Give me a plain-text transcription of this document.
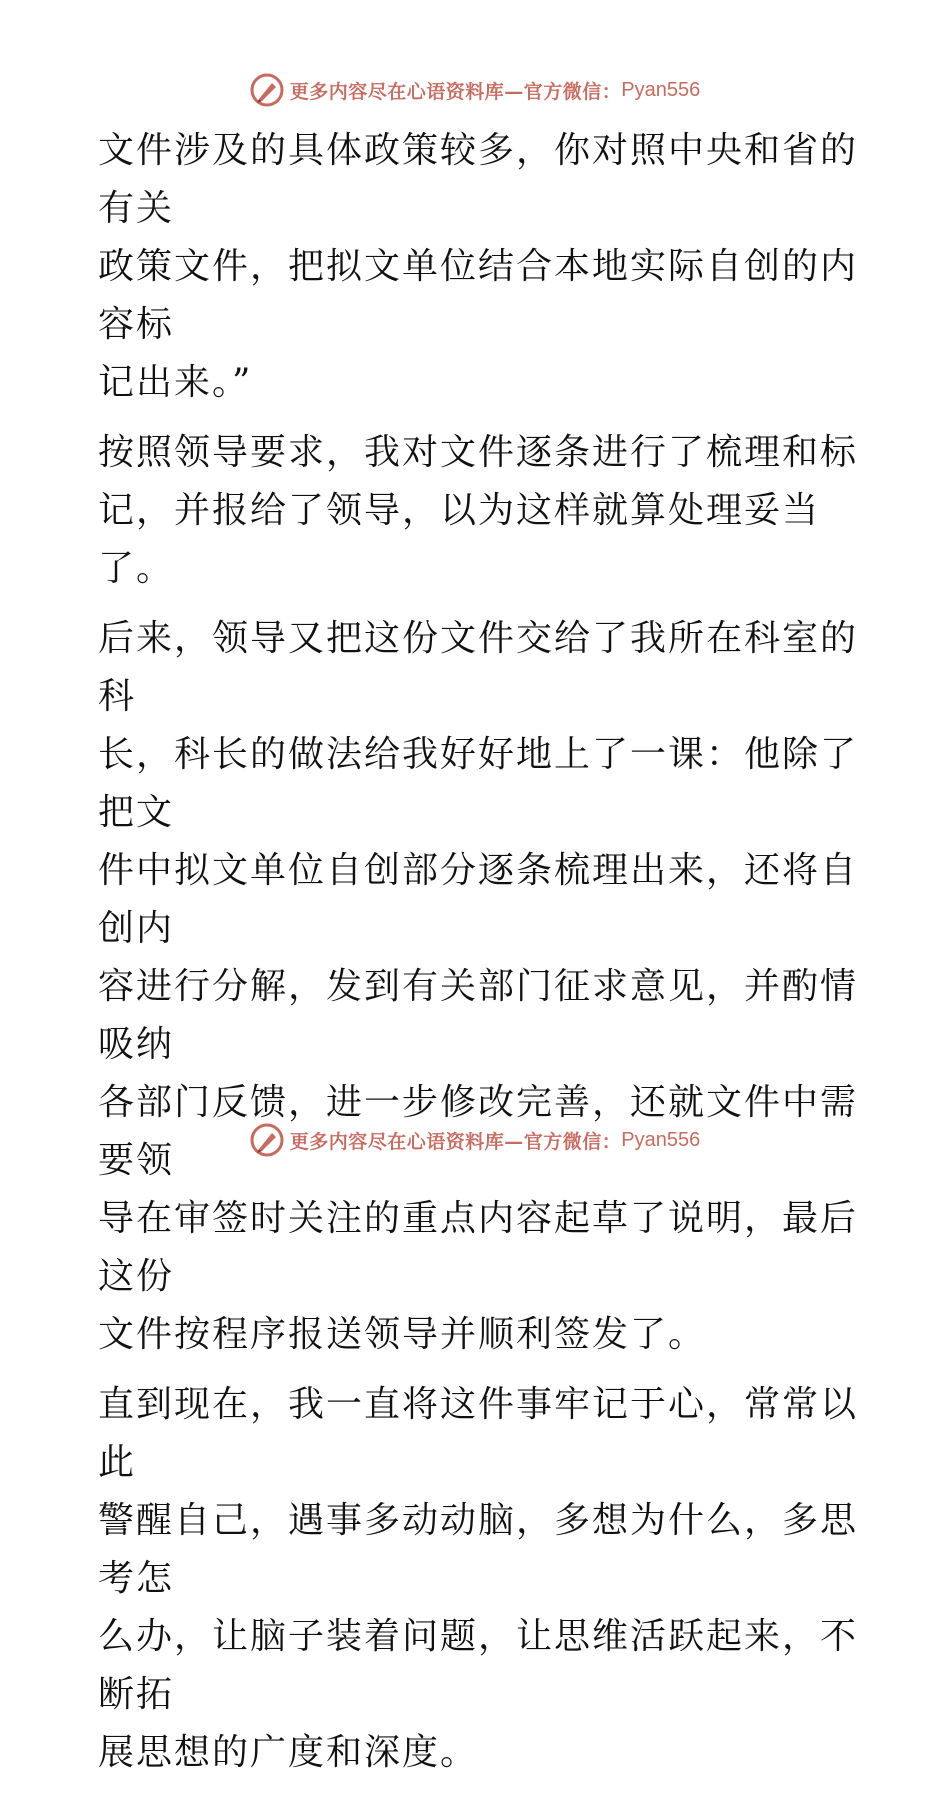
更多内容尽在心语资料库—官方微信： Pyan556

文件涉及的具体政策较多，你对照中央和省的有关
政策文件，把拟文单位结合本地实际自创的内容标
记出来。”

按照领导要求，我对文件逐条进行了梳理和标
记，并报给了领导，以为这样就算处理妥当了。

后来，领导又把这份文件交给了我所在科室的科
长，科长的做法给我好好地上了一课：他除了把文
件中拟文单位自创部分逐条梳理出来，还将自创内
容进行分解，发到有关部门征求意见，并酌情吸纳
各部门反馈，进一步修改完善，还就文件中需要领
导在审签时关注的重点内容起草了说明，最后这份
文件按程序报送领导并顺利签发了。

直到现在，我一直将这件事牢记于心，常常以此
警醒自己，遇事多动动脑，多想为什么，多思考怎
么办，让脑子装着问题，让思维活跃起来，不断拓
展思想的广度和深度。

更多内容尽在心语资料库—官方微信： Pyan556
